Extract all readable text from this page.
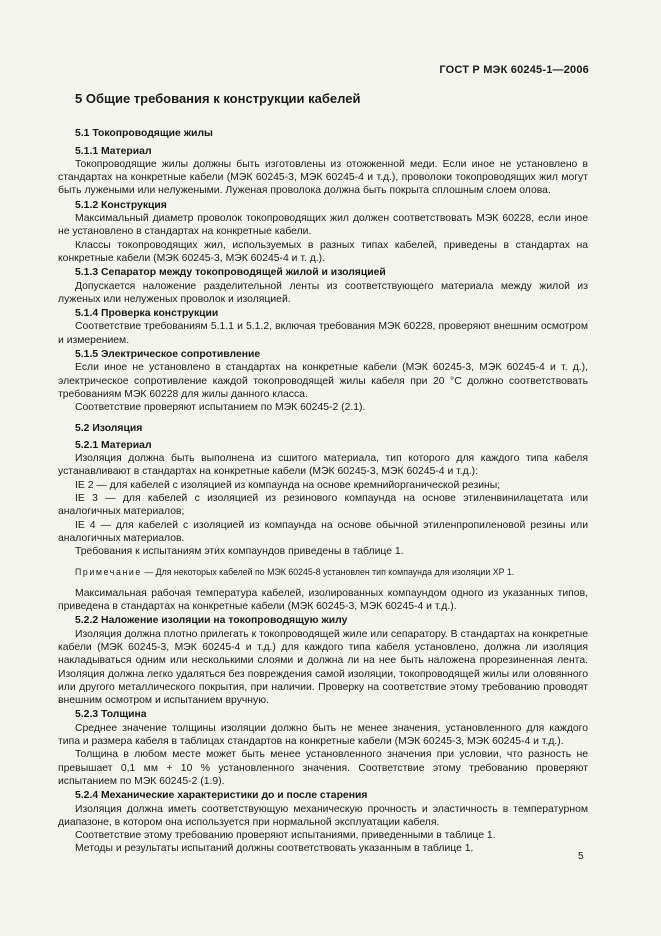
ГОСТ Р МЭК 60245-1—2006
5 Общие требования к конструкции кабелей
5.1 Токопроводящие жилы
5.1.1 Материал

Токопроводящие жилы должны быть изготовлены из отожженной меди. Если иное не установлено в стандартах на конкретные кабели (МЭК 60245-3, МЭК 60245-4 и т.д.), проволоки токопроводящих жил могут быть лужеными или нелужеными. Луженая проволока должна быть покрыта сплошным слоем олова.

5.1.2 Конструкция

Максимальный диаметр проволок токопроводящих жил должен соответствовать МЭК 60228, если иное не установлено в стандартах на конкретные кабели.

Классы токопроводящих жил, используемых в разных типах кабелей, приведены в стандартах на конкретные кабели (МЭК 60245-3, МЭК 60245-4 и т. д.).

5.1.3 Сепаратор между токопроводящей жилой и изоляцией

Допускается наложение разделительной ленты из соответствующего материала между жилой из луженых или нелуженых проволок и изоляцией.

5.1.4 Проверка конструкции

Соответствие требованиям 5.1.1 и 5.1.2, включая требования МЭК 60228, проверяют внешним осмотром и измерением.

5.1.5 Электрическое сопротивление

Если иное не установлено в стандартах на конкретные кабели (МЭК 60245-3, МЭК 60245-4 и т. д.), электрическое сопротивление каждой токопроводящей жилы кабеля при 20 °С должно соответствовать требованиям МЭК 60228 для жилы данного класса.

Соответствие проверяют испытанием по МЭК 60245-2 (2.1).

5.2 Изоляция
5.2.1 Материал

Изоляция должна быть выполнена из сшитого материала, тип которого для каждого типа кабеля устанавливают в стандартах на конкретные кабели (МЭК 60245-3, МЭК 60245-4 и т.д.):

IE 2 — для кабелей с изоляцией из компаунда на основе кремнийорганической резины;

IE 3 — для кабелей с изоляцией из резинового компаунда на основе этиленвинилацетата или аналогичных материалов;

IE 4 — для кабелей с изоляцией из компаунда на основе обычной этиленпропиленовой резины или аналогичных материалов.

Требования к испытаниям этих компаундов приведены в таблице 1.

Примечание — Для некоторых кабелей по МЭК 60245-8 установлен тип компаунда для изоляции ХР 1.

Максимальная рабочая температура кабелей, изолированных компаундом одного из указанных типов, приведена в стандартах на конкретные кабели (МЭК 60245-3, МЭК 60245-4 и т.д.).

5.2.2 Наложение изоляции на токопроводящую жилу

Изоляция должна плотно прилегать к токопроводящей жиле или сепаратору. В стандартах на конкретные кабели (МЭК 60245-3, МЭК 60245-4 и т.д.) для каждого типа кабеля установлено, должна ли изоляция накладываться одним или несколькими слоями и должна ли на нее быть наложена прорезиненная лента. Изоляция должна легко удаляться без повреждения самой изоляции, токопроводящей жилы или оловянного или другого металлического покрытия, при наличии. Проверку на соответствие этому требованию проводят внешним осмотром и испытанием вручную.

5.2.3 Толщина

Среднее значение толщины изоляции должно быть не менее значения, установленного для каждого типа и размера кабеля в таблицах стандартов на конкретные кабели (МЭК 60245-3, МЭК 60245-4 и т.д.).

Толщина в любом месте может быть менее установленного значения при условии, что разность не превышает 0,1 мм + 10 % установленного значения. Соответствие этому требованию проверяют испытанием по МЭК 60245-2 (1.9).

5.2.4 Механические характеристики до и после старения

Изоляция должна иметь соответствующую механическую прочность и эластичность в температурном диапазоне, в котором она используется при нормальной эксплуатации кабеля.

Соответствие этому требованию проверяют испытаниями, приведенными в таблице 1.

Методы и результаты испытаний должны соответствовать указанным в таблице 1.

5
